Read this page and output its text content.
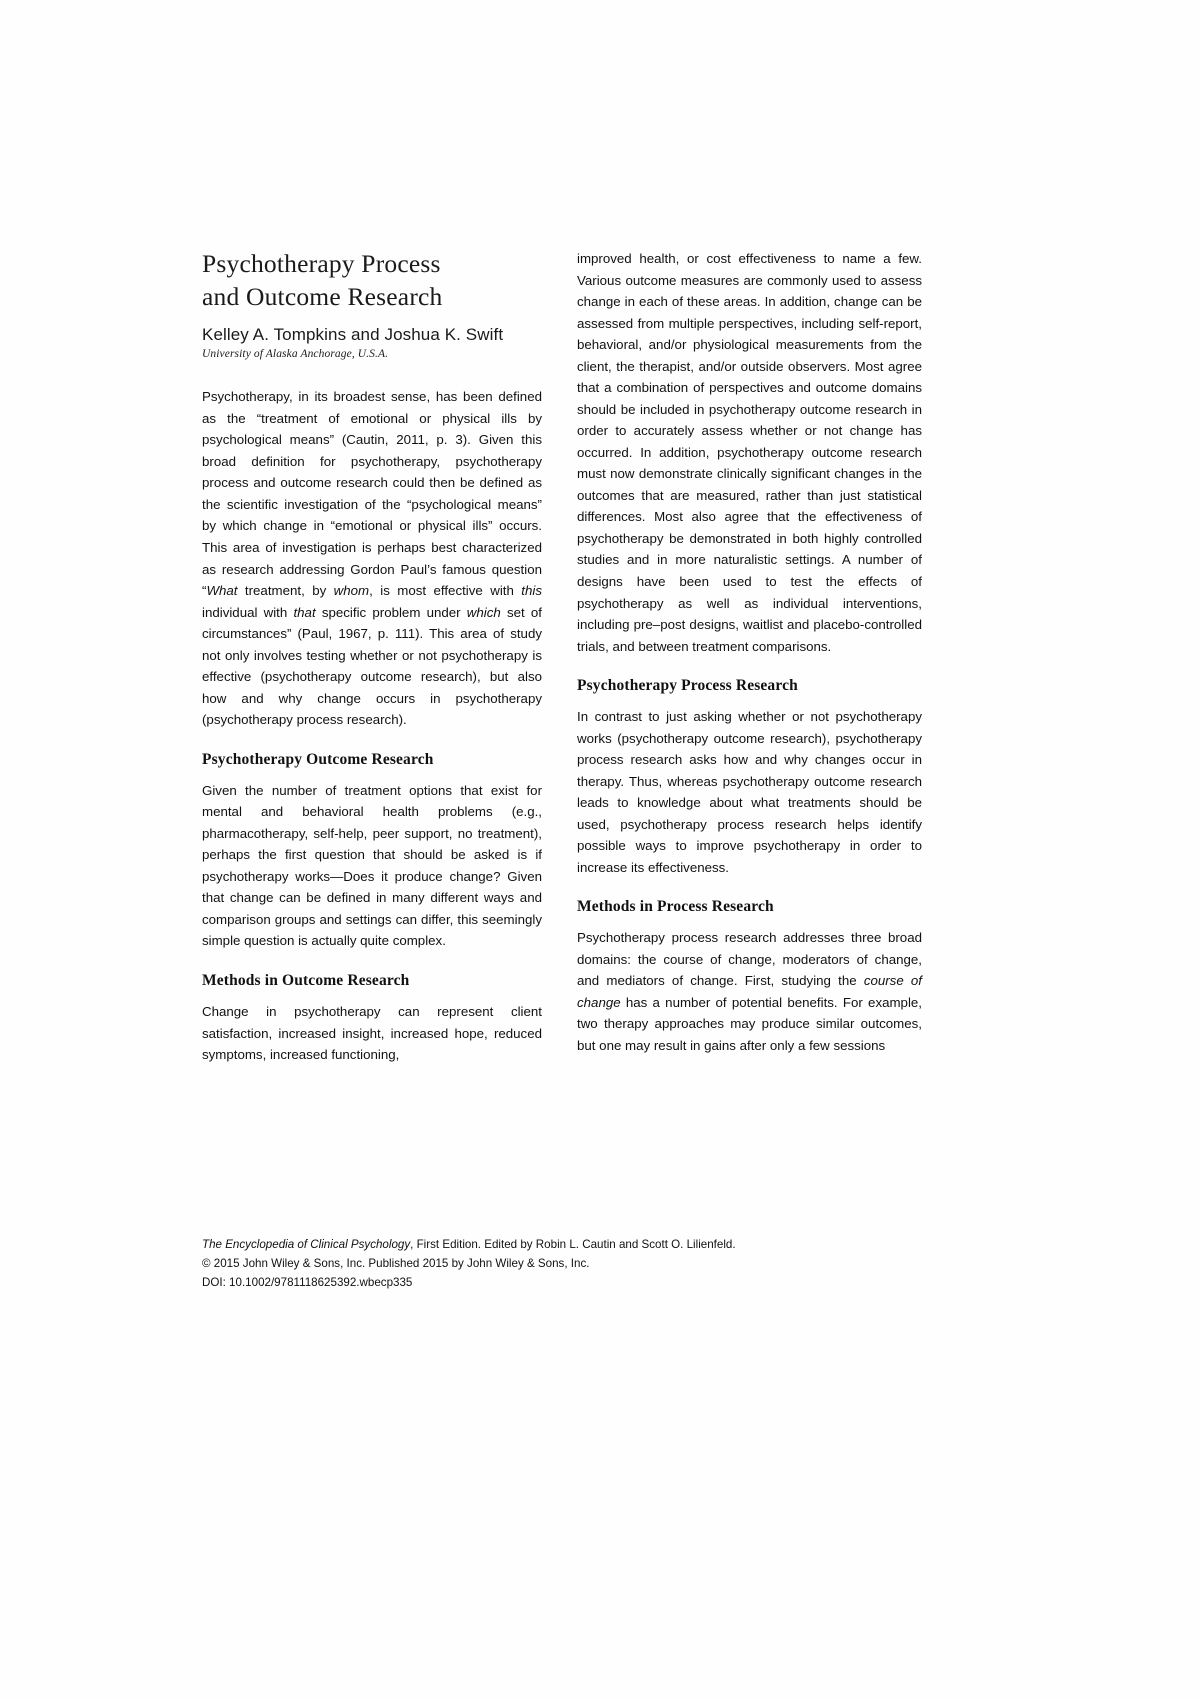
Psychotherapy Process
and Outcome Research

Kelley A. Tompkins and Joshua K. Swift

University of Alaska Anchorage, U.S.A.

Psychotherapy, in its broadest sense, has been defined as the “treatment of emotional or physical ills by psychological means” (Cautin, 2011, p. 3). Given this broad definition for psychotherapy, psychotherapy process and outcome research could then be defined as the scientific investigation of the “psychological means” by which change in “emotional or physical ills” occurs. This area of investigation is perhaps best characterized as research addressing Gordon Paul’s famous question “What treatment, by whom, is most effective with this individual with that specific problem under which set of circumstances” (Paul, 1967, p. 111). This area of study not only involves testing whether or not psychotherapy is effective (psychotherapy outcome research), but also how and why change occurs in psychotherapy (psychotherapy process research).

Psychotherapy Outcome Research

Given the number of treatment options that exist for mental and behavioral health problems (e.g., pharmacotherapy, self-help, peer support, no treatment), perhaps the first question that should be asked is if psychotherapy works—Does it produce change? Given that change can be defined in many different ways and comparison groups and settings can differ, this seemingly simple question is actually quite complex.

Methods in Outcome Research

Change in psychotherapy can represent client satisfaction, increased insight, increased hope, reduced symptoms, increased functioning,

improved health, or cost effectiveness to name a few. Various outcome measures are commonly used to assess change in each of these areas. In addition, change can be assessed from multiple perspectives, including self-report, behavioral, and/or physiological measurements from the client, the therapist, and/or outside observers. Most agree that a combination of perspectives and outcome domains should be included in psychotherapy outcome research in order to accurately assess whether or not change has occurred. In addition, psychotherapy outcome research must now demonstrate clinically significant changes in the outcomes that are measured, rather than just statistical differences. Most also agree that the effectiveness of psychotherapy be demonstrated in both highly controlled studies and in more naturalistic settings. A number of designs have been used to test the effects of psychotherapy as well as individual interventions, including pre–post designs, waitlist and placebo-controlled trials, and between treatment comparisons.

Psychotherapy Process Research

In contrast to just asking whether or not psychotherapy works (psychotherapy outcome research), psychotherapy process research asks how and why changes occur in therapy. Thus, whereas psychotherapy outcome research leads to knowledge about what treatments should be used, psychotherapy process research helps identify possible ways to improve psychotherapy in order to increase its effectiveness.

Methods in Process Research

Psychotherapy process research addresses three broad domains: the course of change, moderators of change, and mediators of change. First, studying the course of change has a number of potential benefits. For example, two therapy approaches may produce similar outcomes, but one may result in gains after only a few sessions

The Encyclopedia of Clinical Psychology, First Edition. Edited by Robin L. Cautin and Scott O. Lilienfeld.

© 2015 John Wiley & Sons, Inc. Published 2015 by John Wiley & Sons, Inc.

DOI: 10.1002/9781118625392.wbecp335
